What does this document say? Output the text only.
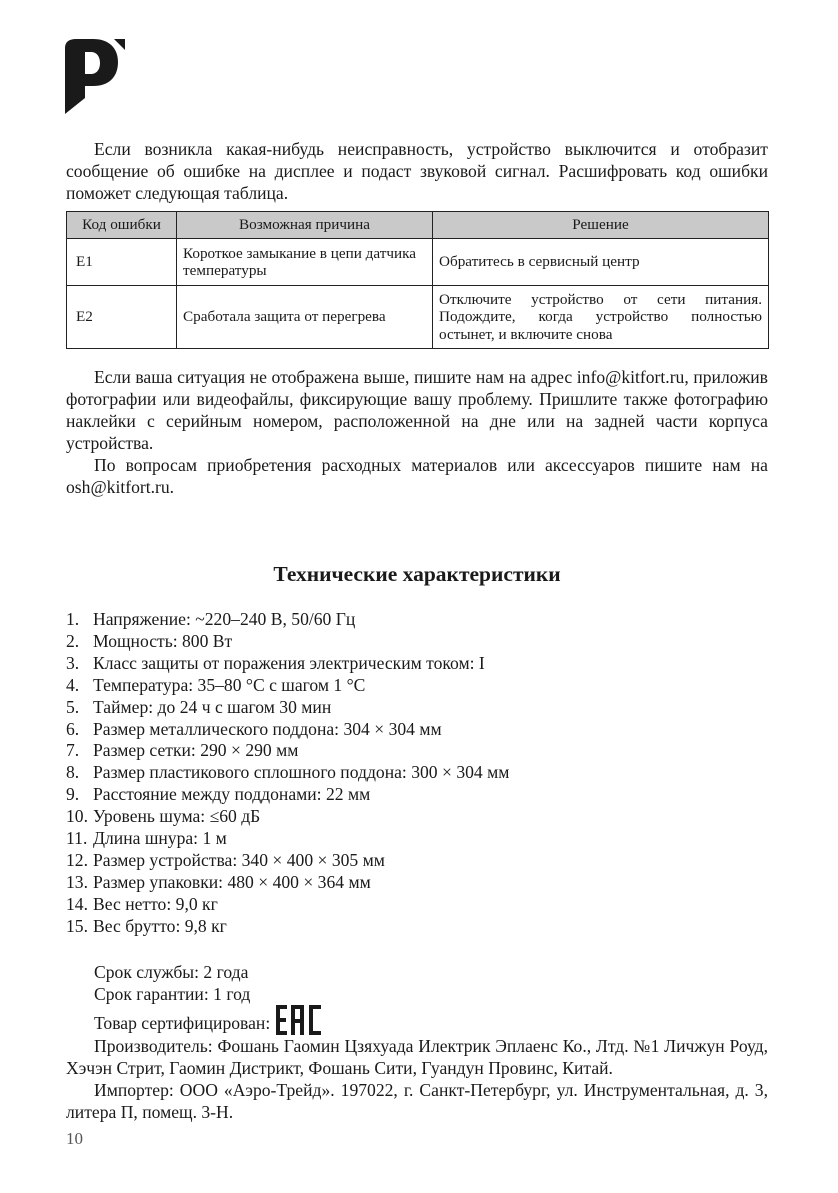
Если возникла какая-нибудь неисправность, устройство выключится и отобразит сообщение об ошибке на дисплее и подаст звуковой сигнал. Расшифровать код ошибки поможет следующая таблица.

Код ошибки	Возможная причина	Решение
E1	Короткое замыкание в цепи датчика температуры	Обратитесь в сервисный центр
E2	Сработала защита от перегрева	Отключите устройство от сети питания. Подождите, когда устройство полностью остынет, и включите снова

Если ваша ситуация не отображена выше, пишите нам на адрес info@kitfort.ru, приложив фотографии или видеофайлы, фиксирующие вашу проблему. Пришлите также фотографию наклейки с серийным номером, расположенной на дне или на задней части корпуса устройства.

По вопросам приобретения расходных материалов или аксессуаров пишите нам на osh@kitfort.ru.

Технические характеристики
1. Напряжение: ~220–240 В, 50/60 Гц
2. Мощность: 800 Вт
3. Класс защиты от поражения электрическим током: I
4. Температура: 35–80 °C с шагом 1 °C
5. Таймер: до 24 ч с шагом 30 мин
6. Размер металлического поддона: 304 × 304 мм
7. Размер сетки: 290 × 290 мм
8. Размер пластикового сплошного поддона: 300 × 304 мм
9. Расстояние между поддонами: 22 мм
10. Уровень шума: ≤60 дБ
11. Длина шнура: 1 м
12. Размер устройства: 340 × 400 × 305 мм
13. Размер упаковки: 480 × 400 × 364 мм
14. Вес нетто: 9,0 кг
15. Вес брутто: 9,8 кг
Срок службы: 2 года
Срок гарантии: 1 год
Товар сертифицирован:

Производитель: Фошань Гаомин Цзяхуада Илектрик Эплаенс Ко., Лтд. №1 Личжун Роуд, Хэчэн Стрит, Гаомин Дистрикт, Фошань Сити, Гуандун Провинс, Китай.

Импортер: ООО «Аэро-Трейд». 197022, г. Санкт-Петербург, ул. Инструментальная, д. 3, литера П, помещ. 3-Н.

10
